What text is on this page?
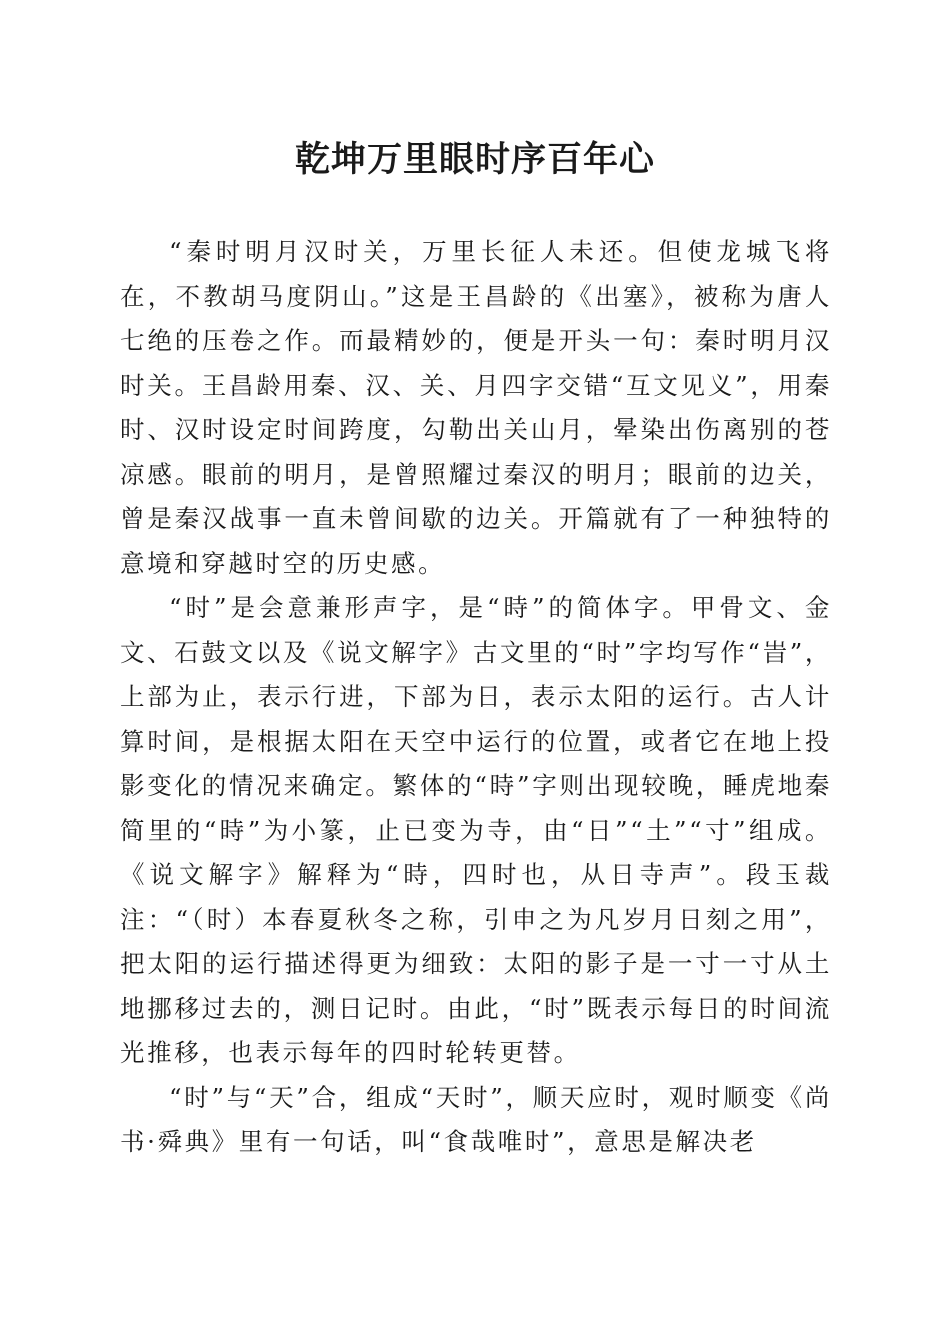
乾坤万里眼时序百年心

“秦时明月汉时关，万里长征人未还。但使龙城飞将在，不教胡马度阴山。”这是王昌龄的《出塞》，被称为唐人七绝的压卷之作。而最精妙的，便是开头一句：秦时明月汉时关。王昌龄用秦、汉、关、月四字交错“互文见义”，用秦时、汉时设定时间跨度，勾勒出关山月，晕染出伤离别的苍凉感。眼前的明月，是曾照耀过秦汉的明月；眼前的边关，曾是秦汉战事一直未曾间歇的边关。开篇就有了一种独特的意境和穿越时空的历史感。

“时”是会意兼形声字，是“時”的简体字。甲骨文、金文、石鼓文以及《说文解字》古文里的“时”字均写作“旹”，上部为止，表示行进，下部为日，表示太阳的运行。古人计算时间，是根据太阳在天空中运行的位置，或者它在地上投影变化的情况来确定。繁体的“時”字则出现较晚，睡虎地秦简里的“時”为小篆，止已变为寺，由“日”“土”“寸”组成。《说文解字》解释为“時，四时也，从日寺声”。段玉裁注：“（时）本春夏秋冬之称，引申之为凡岁月日刻之用”，把太阳的运行描述得更为细致：太阳的影子是一寸一寸从土地挪移过去的，测日记时。由此，“时”既表示每日的时间流光推移，也表示每年的四时轮转更替。

“时”与“天”合，组成“天时”，顺天应时，观时顺变《尚书·舜典》里有一句话，叫“食哉唯时”，意思是解决老
